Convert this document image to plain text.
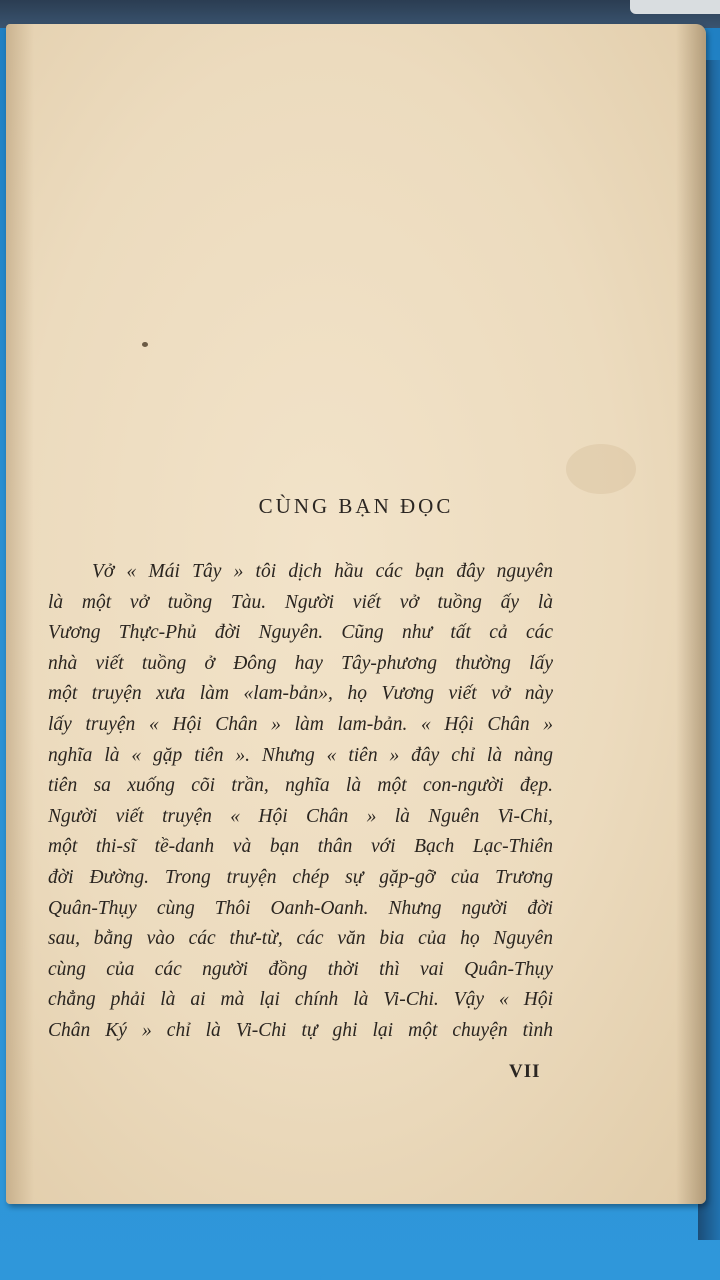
CÙNG BẠN ĐỌC

Vở « Mái Tây » tôi dịch hầu các bạn đây nguyên
là một vở tuồng Tàu. Người viết vở tuồng ấy là
Vương Thực-Phủ đời Nguyên. Cũng như tất cả các
nhà viết tuồng ở Đông hay Tây-phương thường lấy
một truyện xưa làm «lam-bản», họ Vương viết vở này
lấy truyện « Hội Chân » làm lam-bản. « Hội Chân »
nghĩa là « gặp tiên ». Nhưng « tiên » đây chỉ là nàng
tiên sa xuống cõi trần, nghĩa là một con-người đẹp.
Người viết truyện « Hội Chân » là Nguên Vi-Chi,
một thi-sĩ tề-danh và bạn thân với Bạch Lạc-Thiên
đời Đường. Trong truyện chép sự gặp-gỡ của Trương
Quân-Thụy cùng Thôi Oanh-Oanh. Nhưng người đời
sau, bằng vào các thư-từ, các văn bia của họ Nguyên
cùng của các người đồng thời thì vai Quân-Thụy
chẳng phải là ai mà lại chính là Vi-Chi. Vậy « Hội
Chân Ký » chỉ là Vi-Chi tự ghi lại một chuyện tình

VII
